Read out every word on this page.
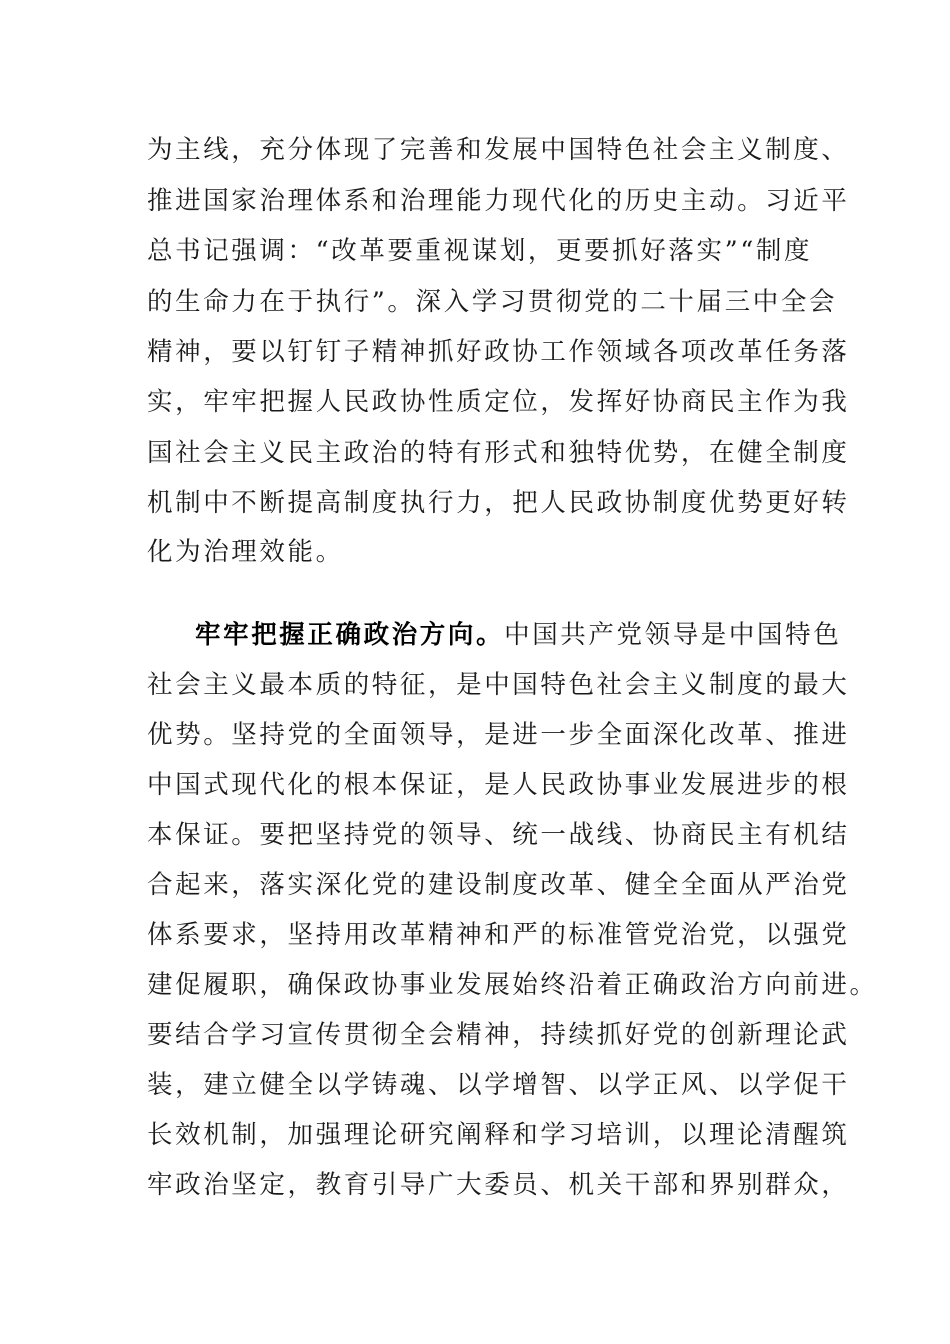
为主线，充分体现了完善和发展中国特色社会主义制度、
推进国家治理体系和治理能力现代化的历史主动。习近平
总书记强调：“改革要重视谋划，更要抓好落实”“制度
的生命力在于执行”。深入学习贯彻党的二十届三中全会
精神，要以钉钉子精神抓好政协工作领域各项改革任务落
实，牢牢把握人民政协性质定位，发挥好协商民主作为我
国社会主义民主政治的特有形式和独特优势，在健全制度
机制中不断提高制度执行力，把人民政协制度优势更好转
化为治理效能。
牢牢把握正确政治方向。中国共产党领导是中国特色
社会主义最本质的特征，是中国特色社会主义制度的最大
优势。坚持党的全面领导，是进一步全面深化改革、推进
中国式现代化的根本保证，是人民政协事业发展进步的根
本保证。要把坚持党的领导、统一战线、协商民主有机结
合起来，落实深化党的建设制度改革、健全全面从严治党
体系要求，坚持用改革精神和严的标准管党治党，以强党
建促履职，确保政协事业发展始终沿着正确政治方向前进。
要结合学习宣传贯彻全会精神，持续抓好党的创新理论武
装，建立健全以学铸魂、以学增智、以学正风、以学促干
长效机制，加强理论研究阐释和学习培训，以理论清醒筑
牢政治坚定，教育引导广大委员、机关干部和界别群众，
